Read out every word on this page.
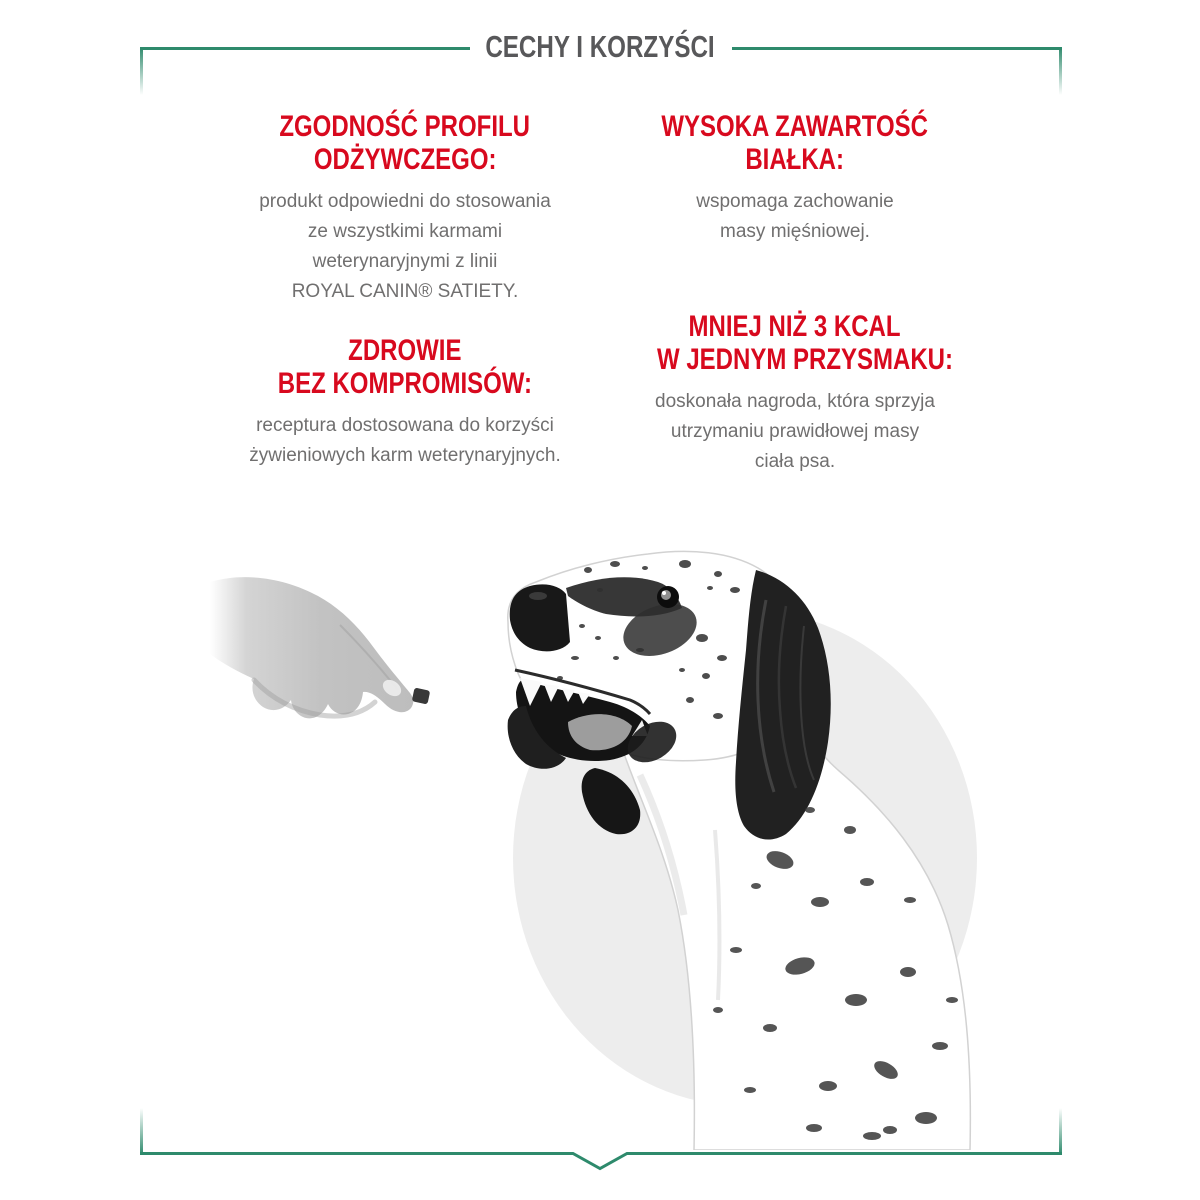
CECHY I KORZYŚCI
ZGODNOŚĆ PROFILU
ODŻYWCZEGO:
produkt odpowiedni do stosowania
ze wszystkimi karmami
weterynaryjnymi z linii
ROYAL CANIN® SATIETY.
WYSOKA ZAWARTOŚĆ
BIAŁKA:
wspomaga zachowanie
masy mięśniowej.
ZDROWIE
BEZ KOMPROMISÓW:
receptura dostosowana do korzyści
żywieniowych karm weterynaryjnych.
MNIEJ NIŻ 3 KCAL
W JEDNYM PRZYSMAKU:
doskonała nagroda, która sprzyja
utrzymaniu prawidłowej masy
ciała psa.
